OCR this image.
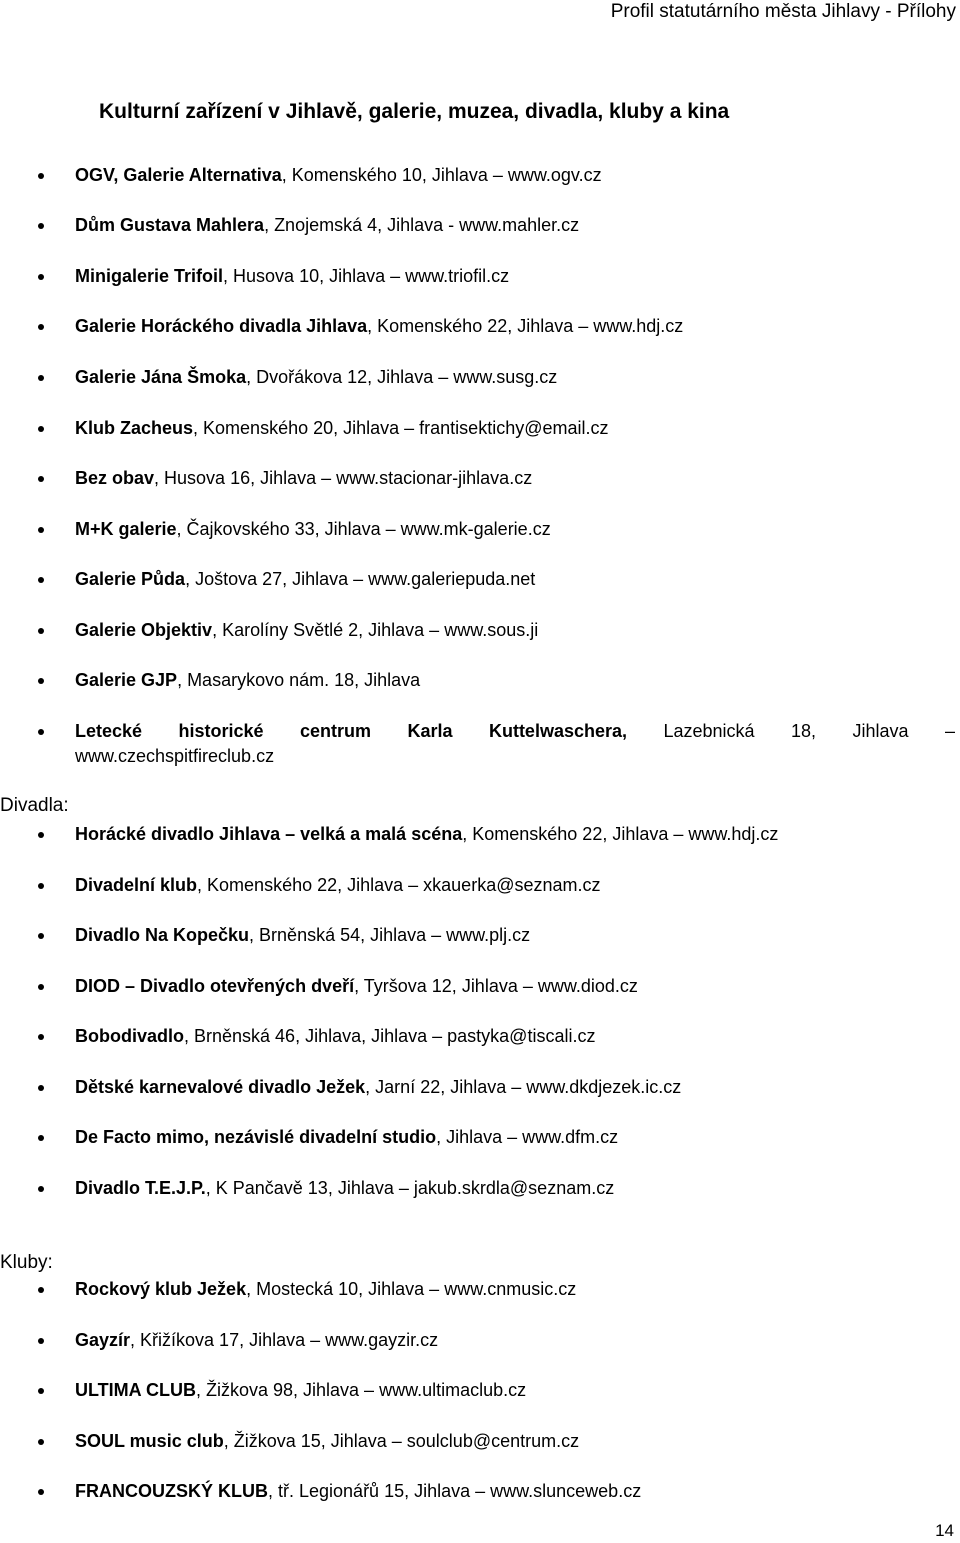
Profil statutárního města Jihlavy - Přílohy
Kulturní zařízení v Jihlavě, galerie, muzea, divadla, kluby a kina
OGV, Galerie Alternativa, Komenského 10, Jihlava – www.ogv.cz
Dům Gustava Mahlera, Znojemská 4, Jihlava - www.mahler.cz
Minigalerie Trifoil, Husova 10, Jihlava – www.triofil.cz
Galerie Horáckého divadla Jihlava, Komenského 22, Jihlava – www.hdj.cz
Galerie Jána Šmoka, Dvořákova 12, Jihlava – www.susg.cz
Klub Zacheus, Komenského 20, Jihlava – frantisektichy@email.cz
Bez obav, Husova 16, Jihlava – www.stacionar-jihlava.cz
M+K galerie, Čajkovského 33, Jihlava – www.mk-galerie.cz
Galerie Půda, Joštova 27, Jihlava – www.galeriepuda.net
Galerie Objektiv, Karolíny Světlé 2, Jihlava – www.sous.ji
Galerie GJP, Masarykovo nám. 18, Jihlava
Letecké historické centrum Karla Kuttelwaschera, Lazebnická 18, Jihlava –
www.czechspitfireclub.cz
Divadla:
Horácké divadlo Jihlava – velká a malá scéna, Komenského 22, Jihlava – www.hdj.cz
Divadelní klub, Komenského 22, Jihlava – xkauerka@seznam.cz
Divadlo Na Kopečku, Brněnská 54, Jihlava – www.plj.cz
DIOD – Divadlo otevřených dveří, Tyršova 12, Jihlava – www.diod.cz
Bobodivadlo, Brněnská 46, Jihlava, Jihlava – pastyka@tiscali.cz
Dětské karnevalové divadlo Ježek, Jarní 22, Jihlava – www.dkdjezek.ic.cz
De Facto mimo, nezávislé divadelní studio, Jihlava – www.dfm.cz
Divadlo T.E.J.P., K Pančavě 13, Jihlava – jakub.skrdla@seznam.cz
Kluby:
Rockový klub Ježek, Mostecká 10, Jihlava – www.cnmusic.cz
Gayzír, Křižíkova 17, Jihlava – www.gayzir.cz
ULTIMA CLUB, Žižkova 98, Jihlava – www.ultimaclub.cz
SOUL music club, Žižkova 15, Jihlava – soulclub@centrum.cz
FRANCOUZSKÝ KLUB, tř. Legionářů 15, Jihlava – www.slunceweb.cz
14
